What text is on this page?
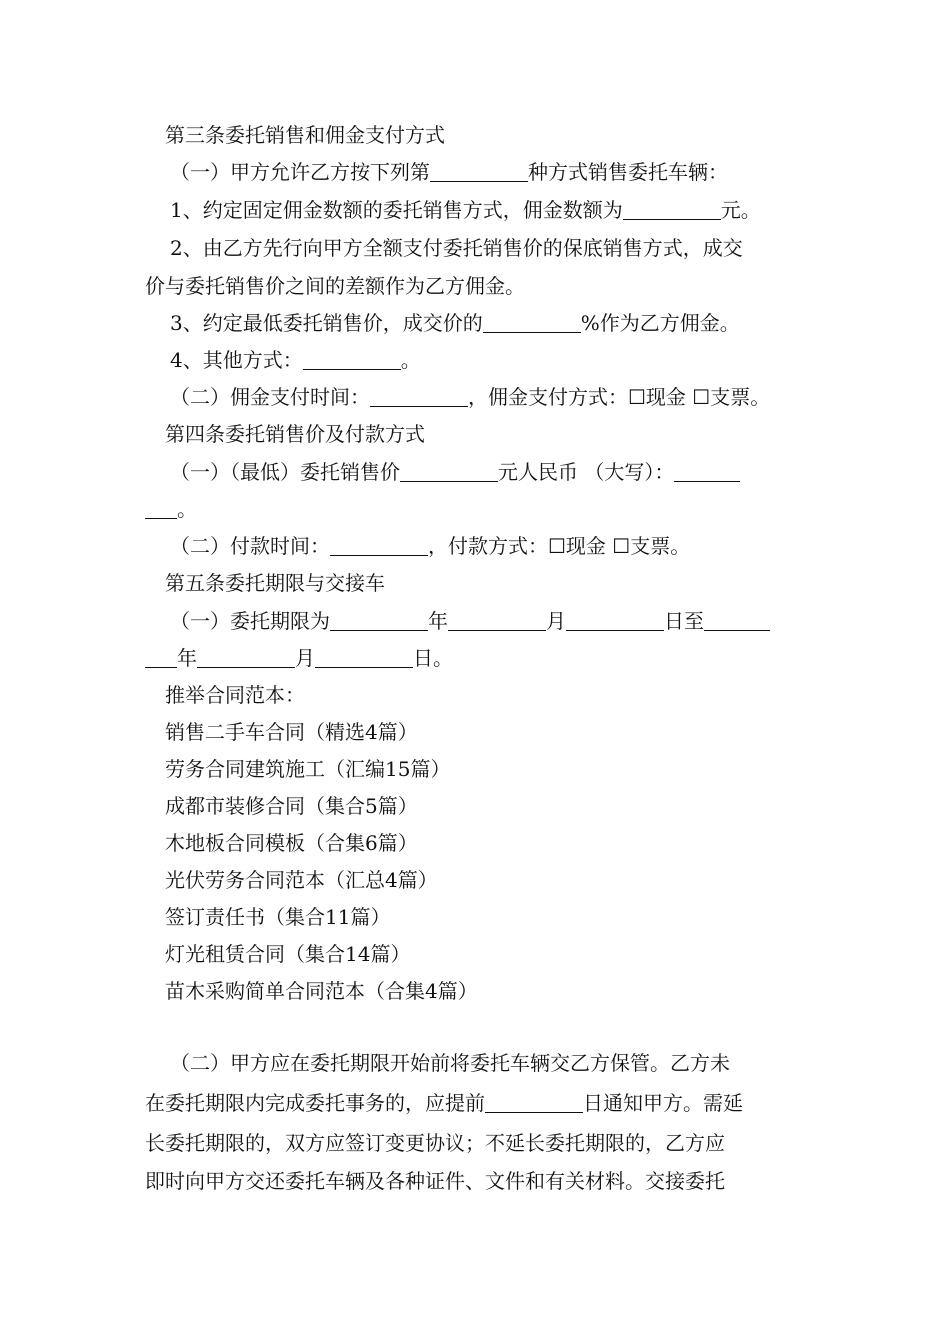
第三条委托销售和佣金支付方式
（一）甲方允许乙方按下列第	种方式销售委托车辆：
1、约定固定佣金数额的委托销售方式，佣金数额为	元。
2、由乙方先行向甲方全额支付委托销售价的保底销售方式，成交
价与委托销售价之间的差额作为乙方佣金。
3、约定最低委托销售价，成交价的	%作为乙方佣金。
4、其他方式：	。
（二）佣金支付时间：	，佣金支付方式：☐现金 ☐支票。
第四条委托销售价及付款方式
（一）（最低）委托销售价	元人民币 （大写）：
。
（二）付款时间：	，付款方式：☐现金 ☐支票。
第五条委托期限与交接车
（一）委托期限为	年	月	日至
年	月	日。
推举合同范本：
销售二手车合同（精选4篇）
劳务合同建筑施工（汇编15篇）
成都市装修合同（集合5篇）
木地板合同模板（合集6篇）
光伏劳务合同范本（汇总4篇）
签订责任书（集合11篇）
灯光租赁合同（集合14篇）
苗木采购简单合同范本（合集4篇）
（二）甲方应在委托期限开始前将委托车辆交乙方保管。乙方未
在委托期限内完成委托事务的，应提前	日通知甲方。需延
长委托期限的，双方应签订变更协议；不延长委托期限的，乙方应
即时向甲方交还委托车辆及各种证件、文件和有关材料。交接委托
